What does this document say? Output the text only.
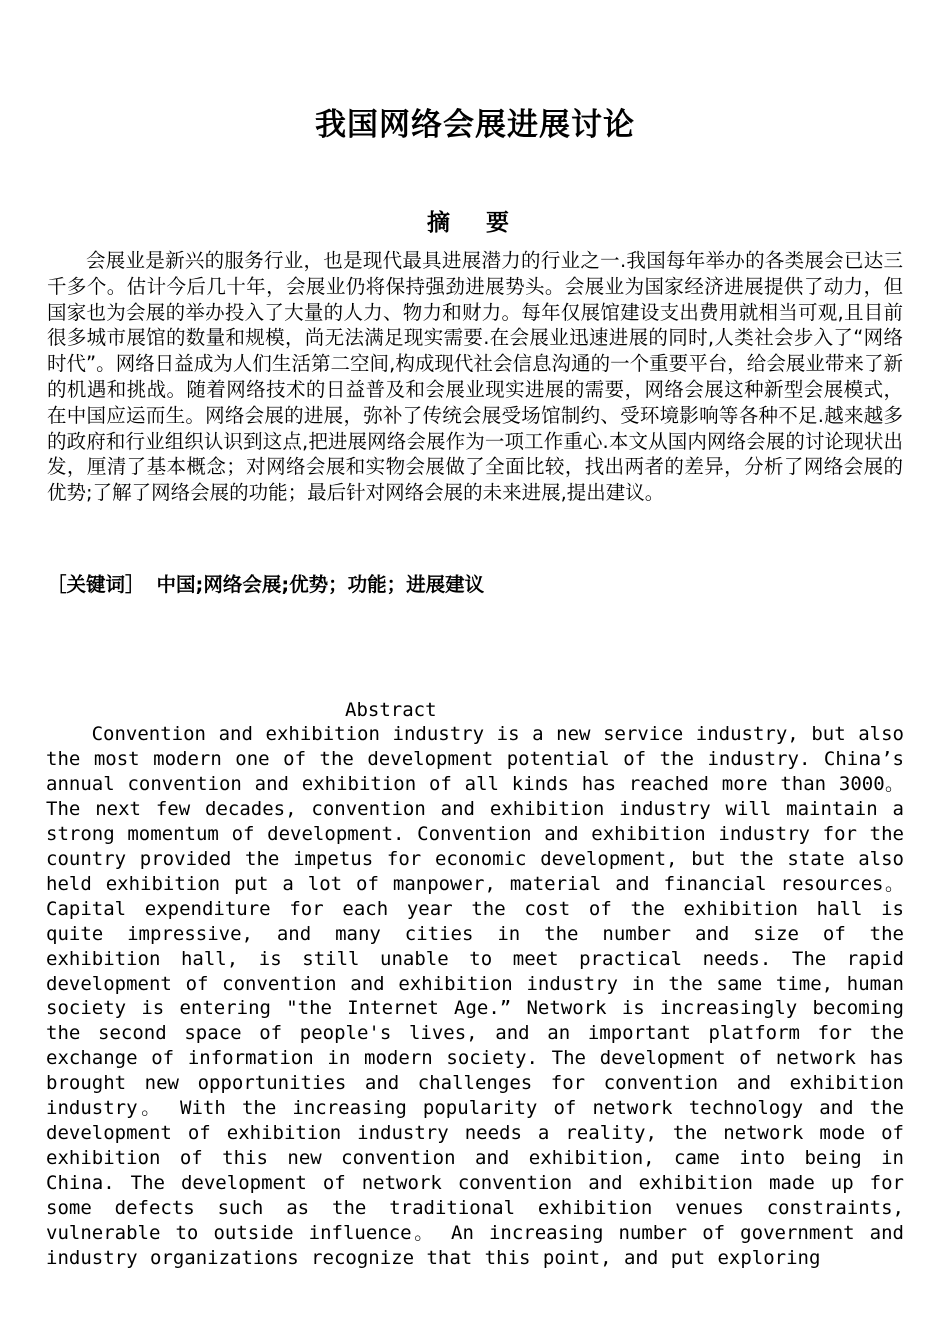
我国网络会展进展讨论
摘 要

会展业是新兴的服务行业，也是现代最具进展潜力的行业之一.我国每年举办的各类展会已达三千多个。估计今后几十年，会展业仍将保持强劲进展势头。会展业为国家经济进展提供了动力，但国家也为会展的举办投入了大量的人力、物力和财力。每年仅展馆建设支出费用就相当可观,且目前很多城市展馆的数量和规模，尚无法满足现实需要.在会展业迅速进展的同时,人类社会步入了“网络时代”。网络日益成为人们生活第二空间,构成现代社会信息沟通的一个重要平台，给会展业带来了新的机遇和挑战。随着网络技术的日益普及和会展业现实进展的需要，网络会展这种新型会展模式，在中国应运而生。网络会展的进展，弥补了传统会展受场馆制约、受环境影响等各种不足.越来越多的政府和行业组织认识到这点,把进展网络会展作为一项工作重心.本文从国内网络会展的讨论现状出发，厘清了基本概念；对网络会展和实物会展做了全面比较，找出两者的差异，分析了网络会展的优势;了解了网络会展的功能；最后针对网络会展的未来进展,提出建议。

［关键词］ 中国;网络会展;优势；功能；进展建议

Abstract

Convention and exhibition industry is a new service industry, but also the most modern one of the development potential of the industry. China’s annual convention and exhibition of all kinds has reached more than 3000。 The next few decades, convention and exhibition industry will maintain a strong momentum of development. Convention and exhibition industry for the country provided the impetus for economic development, but the state also held exhibition put a lot of manpower, material and financial resources。 Capital expenditure for each year the cost of the exhibition hall is quite impressive, and many cities in the number and size of the exhibition hall, is still unable to meet practical needs. The rapid development of convention and exhibition industry in the same time, human society is entering "the Internet Age.” Network is increasingly becoming the second space of people's lives, and an important platform for the exchange of information in modern society. The development of network has brought new opportunities and challenges for convention and exhibition industry。 With the increasing popularity of network technology and the development of exhibition industry needs a reality, the network mode of exhibition of this new convention and exhibition, came into being in China. The development of network convention and exhibition made up for some defects such as the traditional exhibition venues constraints, vulnerable to outside influence。 An increasing number of government and industry organizations recognize that this point, and put exploring
